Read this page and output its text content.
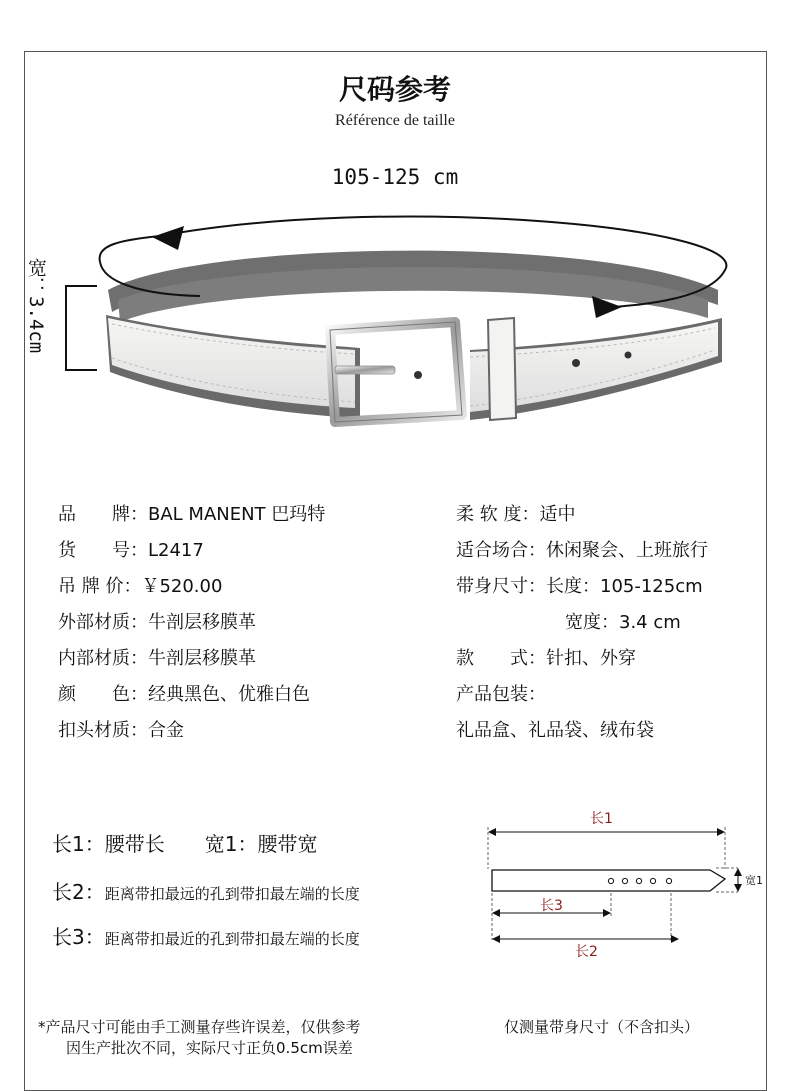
尺码参考
Référence de taille
105-125 cm
宽：3.4cm
品　　牌：BAL MANENT 巴玛特
货　　号：L2417
吊 牌 价：￥520.00
外部材质：牛剖层移膜革
内部材质：牛剖层移膜革
颜　　色：经典黑色、优雅白色
扣头材质：合金
柔 软 度：适中
适合场合：休闲聚会、上班旅行
带身尺寸：长度：105-125cm
宽度：3.4 cm
款　　式：针扣、外穿
产品包装：
礼品盒、礼品袋、绒布袋
长1：腰带长　　宽1：腰带宽
长2：距离带扣最远的孔到带扣最左端的长度
长3：距离带扣最近的孔到带扣最左端的长度
长1
长3
长2
宽1
*产品尺寸可能由手工测量存些许误差，仅供参考
因生产批次不同，实际尺寸正负0.5cm误差
仅测量带身尺寸（不含扣头）
